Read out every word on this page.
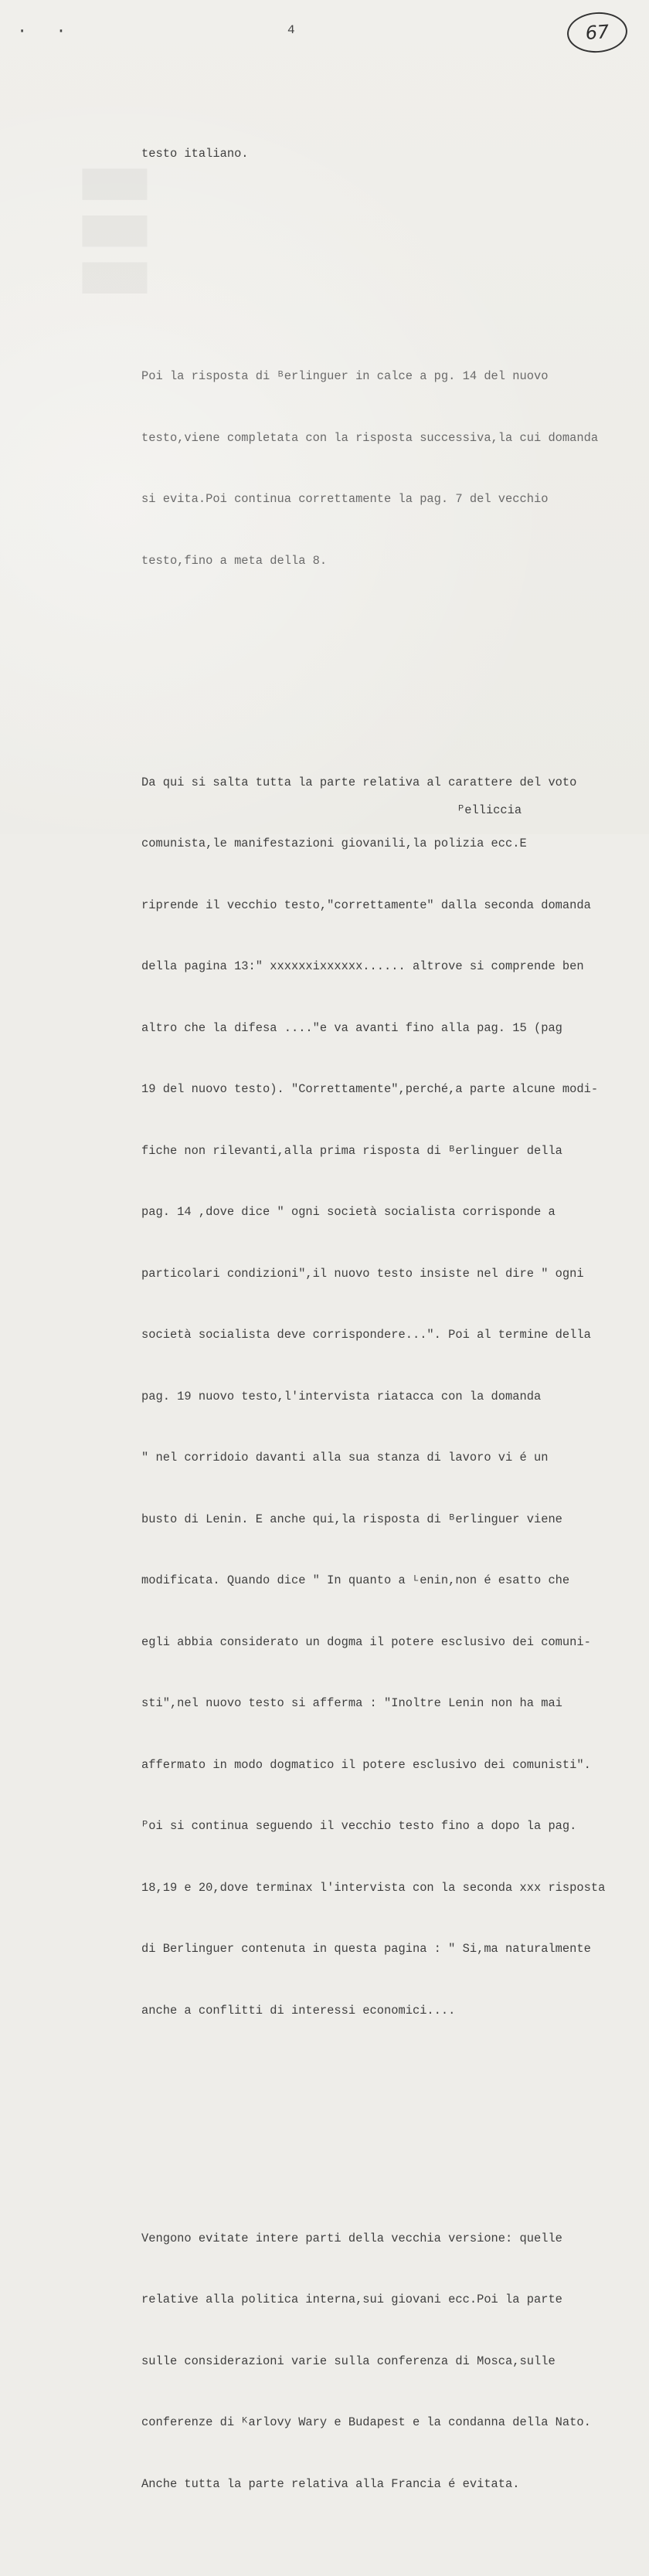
▮▮▮
· ·	4	67

testo italiano.

Poi la risposta di ᴮerlinguer in calce a pg. 14 del nuovo

testo,viene completata con la risposta successiva,la cui domanda

si evita.Poi continua correttamente la pag. 7 del vecchio

testo,fino a meta della 8.

Da qui si salta tutta la parte relativa al carattere del voto

comunista,le manifestazioni giovanili,la polizia ecc.E

riprende il vecchio testo,"correttamente" dalla seconda domanda

della pagina 13:" xxxxxxixxxxxx...... altrove si comprende ben

altro che la difesa ...."e va avanti fino alla pag. 15 (pag

19 del nuovo testo). "Correttamente",perché,a parte alcune modi-

fiche non rilevanti,alla prima risposta di ᴮerlinguer della

pag. 14 ,dove dice " ogni società socialista corrisponde a

particolari condizioni",il nuovo testo insiste nel dire " ogni

società socialista deve corrispondere...". Poi al termine della

pag. 19 nuovo testo,l'intervista riatacca con la domanda

" nel corridoio davanti alla sua stanza di lavoro vi é un

busto di Lenin. E anche qui,la risposta di ᴮerlinguer viene

modificata. Quando dice " In quanto a ᴸenin,non é esatto che

egli abbia considerato un dogma il potere esclusivo dei comuni-

sti",nel nuovo testo si afferma : "Inoltre Lenin non ha mai

affermato in modo dogmatico il potere esclusivo dei comunisti".

ᴾoi si continua seguendo il vecchio testo fino a dopo la pag.

18,19 e 20,dove terminax l'intervista con la seconda xxx risposta

di Berlinguer contenuta in questa pagina : " Si,ma naturalmente

anche a conflitti di interessi economici....

Vengono evitate intere parti della vecchia versione: quelle

relative alla politica interna,sui giovani ecc.Poi la parte

sulle considerazioni varie sulla conferenza di Mosca,sulle

conferenze di ᴷarlovy Wary e Budapest e la condanna della Nato.

Anche tutta la parte relativa alla Francia é evitata.

ᴾelliccia
